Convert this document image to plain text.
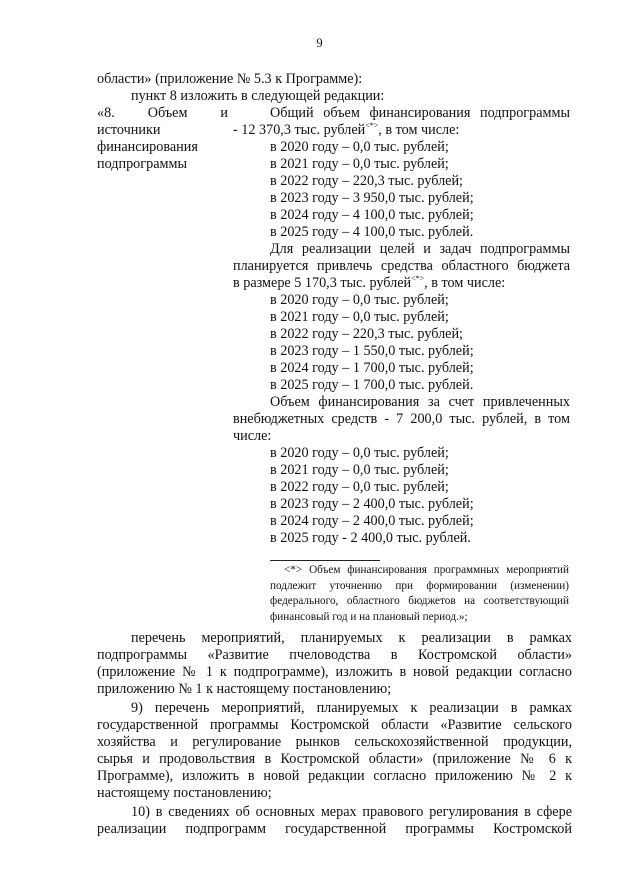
9
области» (приложение № 5.3 к Программе):
пункт 8 изложить в следующей редакции:
«8. Объем и
источники финансирования подпрограммы
Общий объем финансирования подпрограммы
- 12 370,3 тыс. рублей<*>, в том числе:
в 2020 году – 0,0 тыс. рублей;
в 2021 году – 0,0 тыс. рублей;
в 2022 году – 220,3 тыс. рублей;
в 2023 году – 3 950,0 тыс. рублей;
в 2024 году – 4 100,0 тыс. рублей;
в 2025 году – 4 100,0 тыс. рублей.
Для реализации целей и задач подпрограммы
планируется привлечь средства областного бюджета
в размере 5 170,3 тыс. рублей<*>, в том числе:
в 2020 году – 0,0 тыс. рублей;
в 2021 году – 0,0 тыс. рублей;
в 2022 году – 220,3 тыс. рублей;
в 2023 году – 1 550,0 тыс. рублей;
в 2024 году – 1 700,0 тыс. рублей;
в 2025 году – 1 700,0 тыс. рублей.
Объем финансирования за счет привлеченных
внебюджетных средств - 7 200,0 тыс. рублей, в том
числе:
в 2020 году – 0,0 тыс. рублей;
в 2021 году – 0,0 тыс. рублей;
в 2022 году – 0,0 тыс. рублей;
в 2023 году – 2 400,0 тыс. рублей;
в 2024 году – 2 400,0 тыс. рублей;
в 2025 году - 2 400,0 тыс. рублей.
<*> Объем финансирования программных мероприятий
подлежит уточнению при формировании (изменении)
федерального, областного бюджетов на соответствующий
финансовый год и на плановый период.»;
перечень мероприятий, планируемых к реализации в рамках
подпрограммы «Развитие пчеловодства в Костромской области»
(приложение № 1 к подпрограмме), изложить в новой редакции согласно
приложению № 1 к настоящему постановлению;
9) перечень мероприятий, планируемых к реализации в рамках
государственной программы Костромской области «Развитие сельского
хозяйства и регулирование рынков сельскохозяйственной продукции,
сырья и продовольствия в Костромской области» (приложение № 6 к
Программе), изложить в новой редакции согласно приложению № 2 к
настоящему постановлению;
10) в сведениях об основных мерах правового регулирования в сфере
реализации подпрограмм государственной программы Костромской
